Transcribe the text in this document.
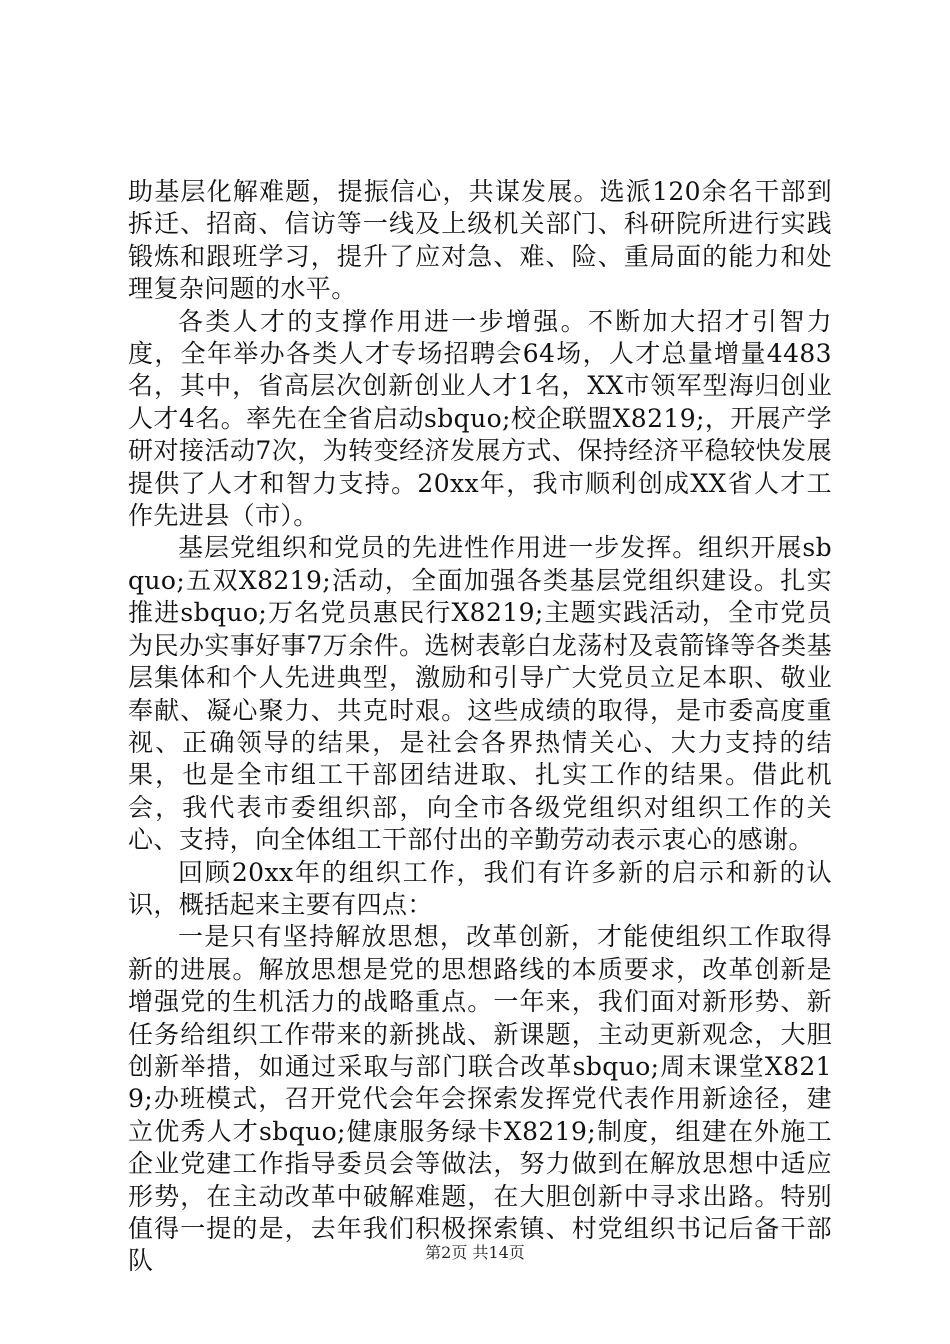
助基层化解难题，提振信心，共谋发展。选派120余名干部到拆迁、招商、信访等一线及上级机关部门、科研院所进行实践锻炼和跟班学习，提升了应对急、难、险、重局面的能力和处理复杂问题的水平。

各类人才的支撑作用进一步增强。不断加大招才引智力度，全年举办各类人才专场招聘会64场，人才总量增量4483名，其中，省高层次创新创业人才1名，XX市领军型海归创业人才4名。率先在全省启动sbquo;校企联盟X8219;，开展产学研对接活动7次，为转变经济发展方式、保持经济平稳较快发展提供了人才和智力支持。20xx年，我市顺利创成XX省人才工作先进县（市）。

基层党组织和党员的先进性作用进一步发挥。组织开展sbquo;五双X8219;活动，全面加强各类基层党组织建设。扎实推进sbquo;万名党员惠民行X8219;主题实践活动，全市党员为民办实事好事7万余件。选树表彰白龙荡村及袁箭锋等各类基层集体和个人先进典型，激励和引导广大党员立足本职、敬业奉献、凝心聚力、共克时艰。这些成绩的取得，是市委高度重视、正确领导的结果，是社会各界热情关心、大力支持的结果，也是全市组工干部团结进取、扎实工作的结果。借此机会，我代表市委组织部，向全市各级党组织对组织工作的关心、支持，向全体组工干部付出的辛勤劳动表示衷心的感谢。

回顾20xx年的组织工作，我们有许多新的启示和新的认识，概括起来主要有四点：

一是只有坚持解放思想，改革创新，才能使组织工作取得新的进展。解放思想是党的思想路线的本质要求，改革创新是增强党的生机活力的战略重点。一年来，我们面对新形势、新任务给组织工作带来的新挑战、新课题，主动更新观念，大胆创新举措，如通过采取与部门联合改革sbquo;周末课堂X8219;办班模式，召开党代会年会探索发挥党代表作用新途径，建立优秀人才sbquo;健康服务绿卡X8219;制度，组建在外施工企业党建工作指导委员会等做法，努力做到在解放思想中适应形势，在主动改革中破解难题，在大胆创新中寻求出路。特别值得一提的是，去年我们积极探索镇、村党组织书记后备干部队	第2页 共14页
